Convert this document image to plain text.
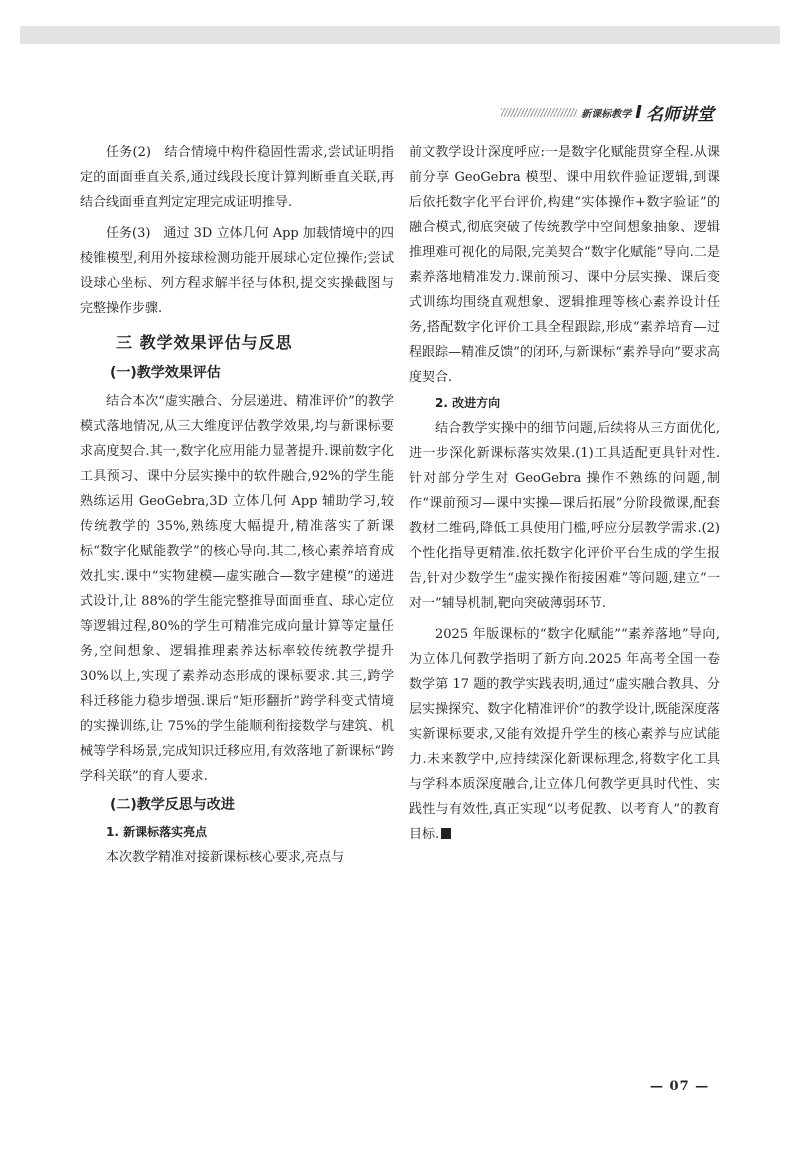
新课标教学 I 名师讲堂

任务(2)　结合情境中构件稳固性需求,尝试证明指定的面面垂直关系,通过线段长度计算判断垂直关联,再结合线面垂直判定定理完成证明推导.

任务(3)　通过 3D 立体几何 App 加载情境中的四棱锥模型,利用外接球检测功能开展球心定位操作;尝试设球心坐标、列方程求解半径与体积,提交实操截图与完整操作步骤.

三 教学效果评估与反思
(一)教学效果评估

结合本次“虚实融合、分层递进、精准评价”的教学模式落地情况,从三大维度评估教学效果,均与新课标要求高度契合.其一,数字化应用能力显著提升.课前数字化工具预习、课中分层实操中的软件融合,92%的学生能熟练运用 GeoGebra,3D 立体几何 App 辅助学习,较传统教学的 35%,熟练度大幅提升,精准落实了新课标“数字化赋能教学”的核心导向.其二,核心素养培育成效扎实.课中“实物建模—虚实融合—数字建模”的递进式设计,让 88%的学生能完整推导面面垂直、球心定位等逻辑过程,80%的学生可精准完成向量计算等定量任务,空间想象、逻辑推理素养达标率较传统教学提升 30%以上,实现了素养动态形成的课标要求.其三,跨学科迁移能力稳步增强.课后“矩形翻折”跨学科变式情境的实操训练,让 75%的学生能顺利衔接数学与建筑、机械等学科场景,完成知识迁移应用,有效落地了新课标“跨学科关联”的育人要求.

(二)教学反思与改进
1. 新课标落实亮点

本次教学精准对接新课标核心要求,亮点与

前文教学设计深度呼应:一是数字化赋能贯穿全程.从课前分享 GeoGebra 模型、课中用软件验证逻辑,到课后依托数字化平台评价,构建“实体操作+数字验证”的融合模式,彻底突破了传统教学中空间想象抽象、逻辑推理难可视化的局限,完美契合“数字化赋能”导向.二是素养落地精准发力.课前预习、课中分层实操、课后变式训练均围绕直观想象、逻辑推理等核心素养设计任务,搭配数字化评价工具全程跟踪,形成“素养培育—过程跟踪—精准反馈”的闭环,与新课标“素养导向”要求高度契合.

2. 改进方向

结合教学实操中的细节问题,后续将从三方面优化,进一步深化新课标落实效果.(1)工具适配更具针对性.针对部分学生对 GeoGebra 操作不熟练的问题,制作“课前预习—课中实操—课后拓展”分阶段微课,配套教材二维码,降低工具使用门槛,呼应分层教学需求.(2)个性化指导更精准.依托数字化评价平台生成的学生报告,针对少数学生“虚实操作衔接困难”等问题,建立“一对一”辅导机制,靶向突破薄弱环节.

2025 年版课标的“数字化赋能”“素养落地”导向,为立体几何教学指明了新方向.2025 年高考全国一卷数学第 17 题的教学实践表明,通过“虚实融合教具、分层实操探究、数字化精准评价”的教学设计,既能深度落实新课标要求,又能有效提升学生的核心素养与应试能力.未来教学中,应持续深化新课标理念,将数字化工具与学科本质深度融合,让立体几何教学更具时代性、实践性与有效性,真正实现“以考促教、以考育人”的教育目标.

— 07 —
